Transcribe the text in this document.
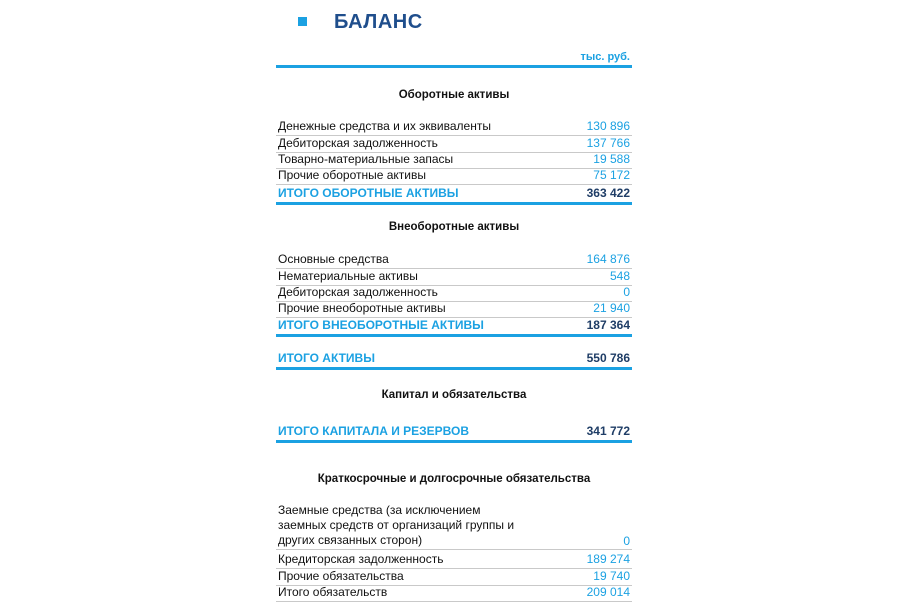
БАЛАНС
тыс. руб.
Оборотные активы
Денежные средства и их эквиваленты	130 896
Дебиторская задолженность	137 766
Товарно-материальные запасы	19 588
Прочие оборотные активы	75 172
ИТОГО ОБОРОТНЫЕ АКТИВЫ	363 422
Внеоборотные активы
Основные средства	164 876
Нематериальные активы	548
Дебиторская задолженность	0
Прочие внеоборотные активы	21 940
ИТОГО ВНЕОБОРОТНЫЕ АКТИВЫ	187 364
ИТОГО АКТИВЫ	550 786
Капитал и обязательства
ИТОГО КАПИТАЛА И РЕЗЕРВОВ	341 772
Краткосрочные и долгосрочные обязательства
Заемные средства (за исключением заемных средств от организаций группы и других связанных сторон)	0
Кредиторская задолженность	189 274
Прочие обязательства	19 740
Итого обязательств	209 014
